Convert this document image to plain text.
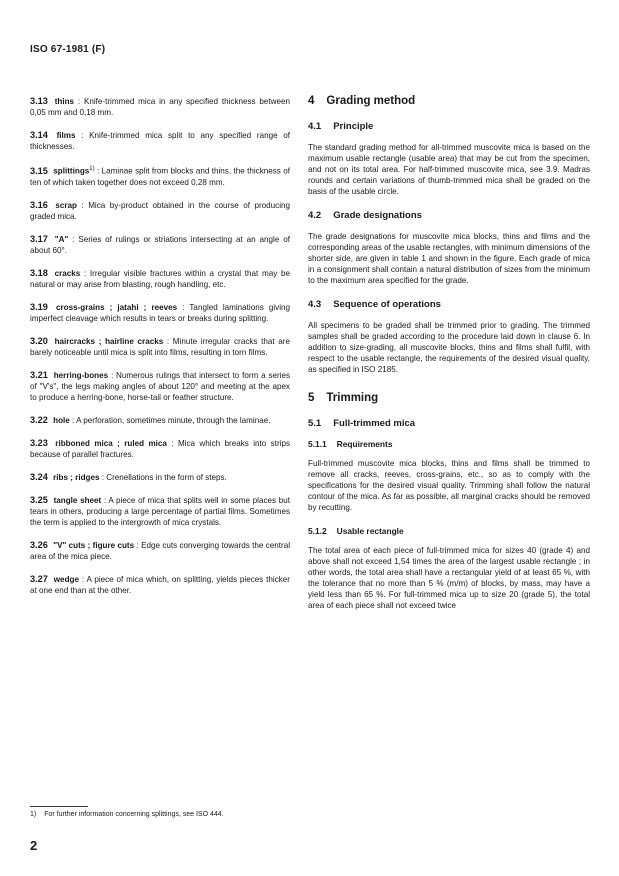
ISO 67-1981 (F)

3.13 thins : Knife-trimmed mica in any specified thickness between 0,05 mm and 0,18 mm.

3.14 films : Knife-trimmed mica split to any specified range of thicknesses.

3.15 splittings$^{1)}$ : Laminae split from blocks and thins, the thickness of ten of which taken together does not exceed 0,28 mm.

3.16 scrap : Mica by-product obtained in the course of producing graded mica.

3.17 "A" : Series of rulings or striations intersecting at an angle of about 60°.

3.18 cracks : Irregular visible fractures within a crystal that may be natural or may arise from blasting, rough handling, etc.

3.19 cross-grains ; jatahi ; reeves : Tangled laminations giving imperfect cleavage which results in tears or breaks during splitting.

3.20 haircracks ; hairline cracks : Minute irregular cracks that are barely noticeable until mica is split into films, resulting in torn films.

3.21 herring-bones : Numerous rulings that intersect to form a series of "V's", the legs making angles of about 120° and meeting at the apex to produce a herring-bone, horse-tail or feather structure.

3.22 hole : A perforation, sometimes minute, through the laminae.

3.23 ribboned mica ; ruled mica : Mica which breaks into strips because of parallel fractures.

3.24 ribs ; ridges : Crenellations in the form of steps.

3.25 tangle sheet : A piece of mica that splits well in some places but tears in others, producing a large percentage of partial films. Sometimes the term is applied to the intergrowth of mica crystals.

3.26 "V" cuts ; figure cuts : Edge cuts converging towards the central area of the mica piece.

3.27 wedge : A piece of mica which, on splitting, yields pieces thicker at one end than at the other.

4 Grading method
4.1 Principle

The standard grading method for all-trimmed muscovite mica is based on the maximum usable rectangle (usable area) that may be cut from the specimen, and not on its total area. For half-trimmed muscovite mica, see 3.9. Madras rounds and certain variations of thumb-trimmed mica shall be graded on the basis of the usable circle.

4.2 Grade designations

The grade designations for muscovite mica blocks, thins and films and the corresponding areas of the usable rectangles, with minimum dimensions of the shorter side, are given in table 1 and shown in the figure. Each grade of mica in a consignment shall contain a natural distribution of sizes from the minimum to the maximum area specified for the grade.

4.3 Sequence of operations

All specimens to be graded shall be trimmed prior to grading. The trimmed samples shall be graded according to the procedure laid down in clause 6. In addition to size-grading, all muscovite blocks, thins and films shall fulfil, with respect to the usable rectangle, the requirements of the desired visual quality, as specified in ISO 2185.

5 Trimming
5.1 Full-trimmed mica
5.1.1 Requirements

Full-trimmed muscovite mica blocks, thins and films shall be trimmed to remove all cracks, reeves, cross-grains, etc., so as to comply with the specifications for the desired visual quality. Trimming shall follow the natural contour of the mica. As far as possible, all marginal cracks should be removed by recutting.

5.1.2 Usable rectangle

The total area of each piece of full-trimmed mica for sizes 40 (grade 4) and above shall not exceed 1,54 times the area of the largest usable rectangle ; in other words, the total area shall have a rectangular yield of at least 65 %, with the tolerance that no more than 5 % (m/m) of blocks, by mass, may have a yield less than 65 %. For full-trimmed mica up to size 20 (grade 5), the total area of each piece shall not exceed twice

1) For further information concerning splittings, see ISO 444.
2
